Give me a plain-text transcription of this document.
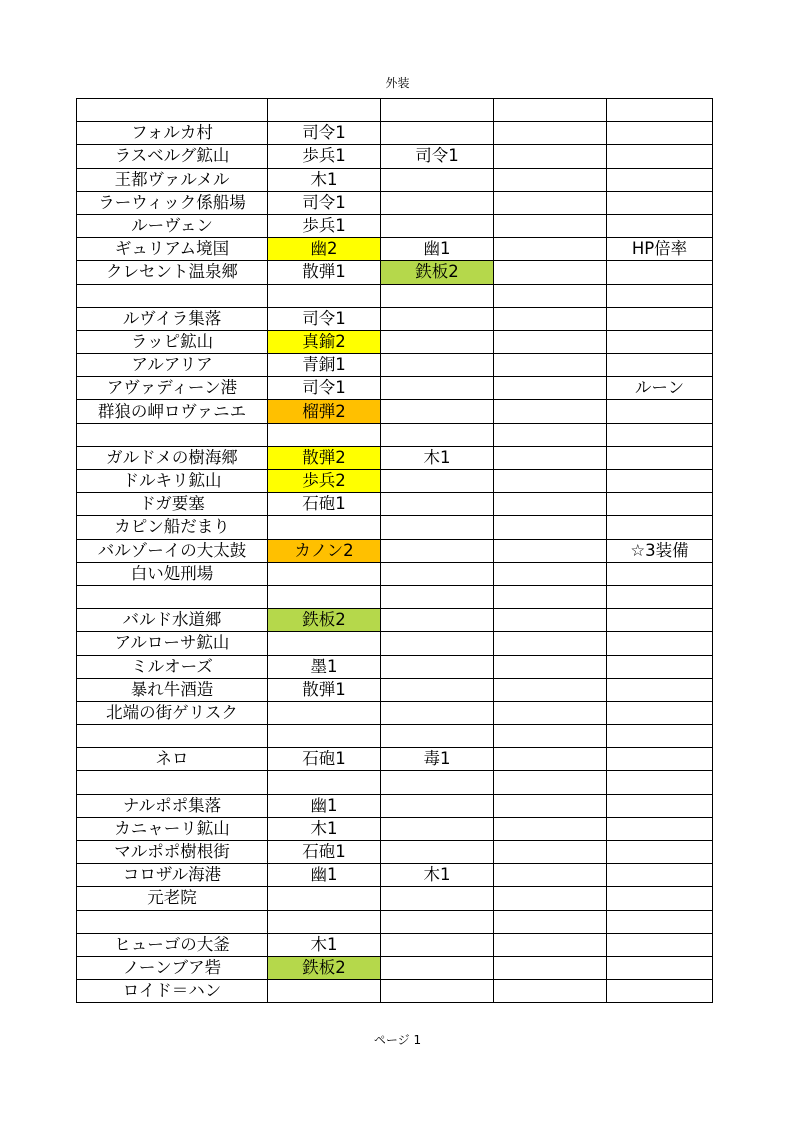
外装

フォルカ村	司令1			
ラスベルグ鉱山	歩兵1	司令1		
王都ヴァルメル	木1			
ラーウィック係船場	司令1			
ルーヴェン	歩兵1			
ギュリアム境国	幽2	幽1		HP倍率
クレセント温泉郷	散弾1	鉄板2		

ルヴイラ集落	司令1			
ラッピ鉱山	真鍮2			
アルアリア	青銅1			
アヴァディーン港	司令1			ルーン
群狼の岬ロヴァニエ	榴弾2			

ガルドメの樹海郷	散弾2	木1		
ドルキリ鉱山	歩兵2			
ドガ要塞	石砲1			
カピン船だまり				
バルゾーイの大太鼓	カノン2			☆3装備
白い処刑場				

バルド水道郷	鉄板2			
アルローサ鉱山				
ミルオーズ	墨1			
暴れ牛酒造	散弾1			
北端の街ゲリスク				

ネロ	石砲1	毒1		

ナルポポ集落	幽1			
カニャーリ鉱山	木1			
マルポポ樹根街	石砲1			
コロザル海港	幽1	木1		
元老院				

ヒューゴの大釜	木1			
ノーンブア砦	鉄板2			
ロイド＝ハン				
ページ 1
